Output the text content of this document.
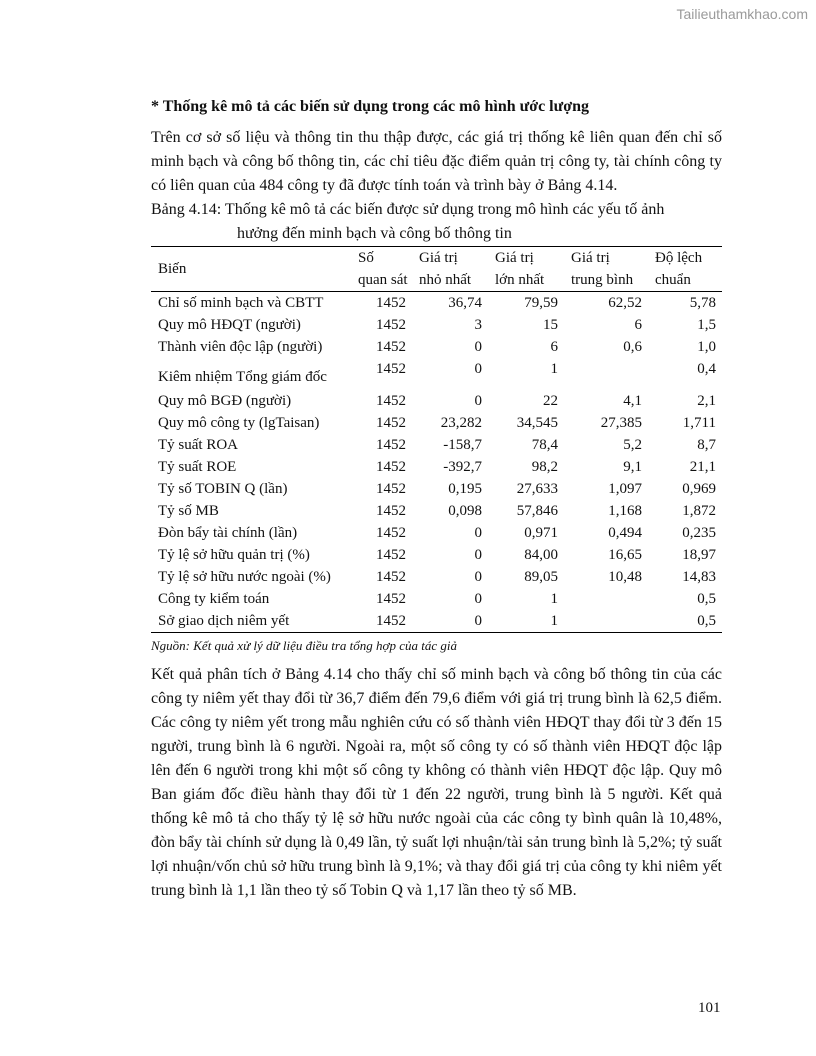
Tailieuthamkhao.com
* Thống kê mô tả các biến sử dụng trong các mô hình ước lượng

Trên cơ sở số liệu và thông tin thu thập được, các giá trị thống kê liên quan đến chỉ số minh bạch và công bố thông tin, các chỉ tiêu đặc điểm quản trị công ty, tài chính công ty có liên quan của 484 công ty đã được tính toán và trình bày ở Bảng 4.14.

Bảng 4.14: Thống kê mô tả các biến được sử dụng trong mô hình các yếu tố ảnh
hưởng đến minh bạch và công bố thông tin
Biến	Số	Giá trị	Giá trị	Giá trị	Độ lệch
	quan sát	nhỏ nhất	lớn nhất	trung bình	chuẩn
Chỉ số minh bạch và CBTT	1452	36,74	79,59	62,52	5,78
Quy mô HĐQT (người)	1452	3	15	6	1,5
Thành viên độc lập (người)	1452	0	6	0,6	1,0
Kiêm nhiệm Tổng giám đốc	1452	0	1		0,4
Quy mô BGĐ (người)	1452	0	22	4,1	2,1
Quy mô công ty (lgTaisan)	1452	23,282	34,545	27,385	1,711
Tỷ suất ROA	1452	-158,7	78,4	5,2	8,7
Tỷ suất ROE	1452	-392,7	98,2	9,1	21,1
Tỷ số TOBIN Q (lần)	1452	0,195	27,633	1,097	0,969
Tỷ số MB	1452	0,098	57,846	1,168	1,872
Đòn bẩy tài chính (lần)	1452	0	0,971	0,494	0,235
Tỷ lệ sở hữu quản trị (%)	1452	0	84,00	16,65	18,97
Tỷ lệ sở hữu nước ngoài (%)	1452	0	89,05	10,48	14,83
Công ty kiểm toán	1452	0	1		0,5
Sở giao dịch niêm yết	1452	0	1		0,5
Nguồn: Kết quả xử lý dữ liệu điều tra tổng hợp của tác giả

Kết quả phân tích ở Bảng 4.14 cho thấy chỉ số minh bạch và công bố thông tin của các công ty niêm yết thay đổi từ 36,7 điểm đến 79,6 điểm với giá trị trung bình là 62,5 điểm. Các công ty niêm yết trong mẫu nghiên cứu có số thành viên HĐQT thay đổi từ 3 đến 15 người, trung bình là 6 người. Ngoài ra, một số công ty có số thành viên HĐQT độc lập lên đến 6 người trong khi một số công ty không có thành viên HĐQT độc lập. Quy mô Ban giám đốc điều hành thay đổi từ 1 đến 22 người, trung bình là 5 người. Kết quả thống kê mô tả cho thấy tỷ lệ sở hữu nước ngoài của các công ty bình quân là 10,48%, đòn bẩy tài chính sử dụng là 0,49 lần, tỷ suất lợi nhuận/tài sản trung bình là 5,2%; tỷ suất lợi nhuận/vốn chủ sở hữu trung bình là 9,1%; và thay đổi giá trị của công ty khi niêm yết trung bình là 1,1 lần theo tỷ số Tobin Q và 1,17 lần theo tỷ số MB.

101
